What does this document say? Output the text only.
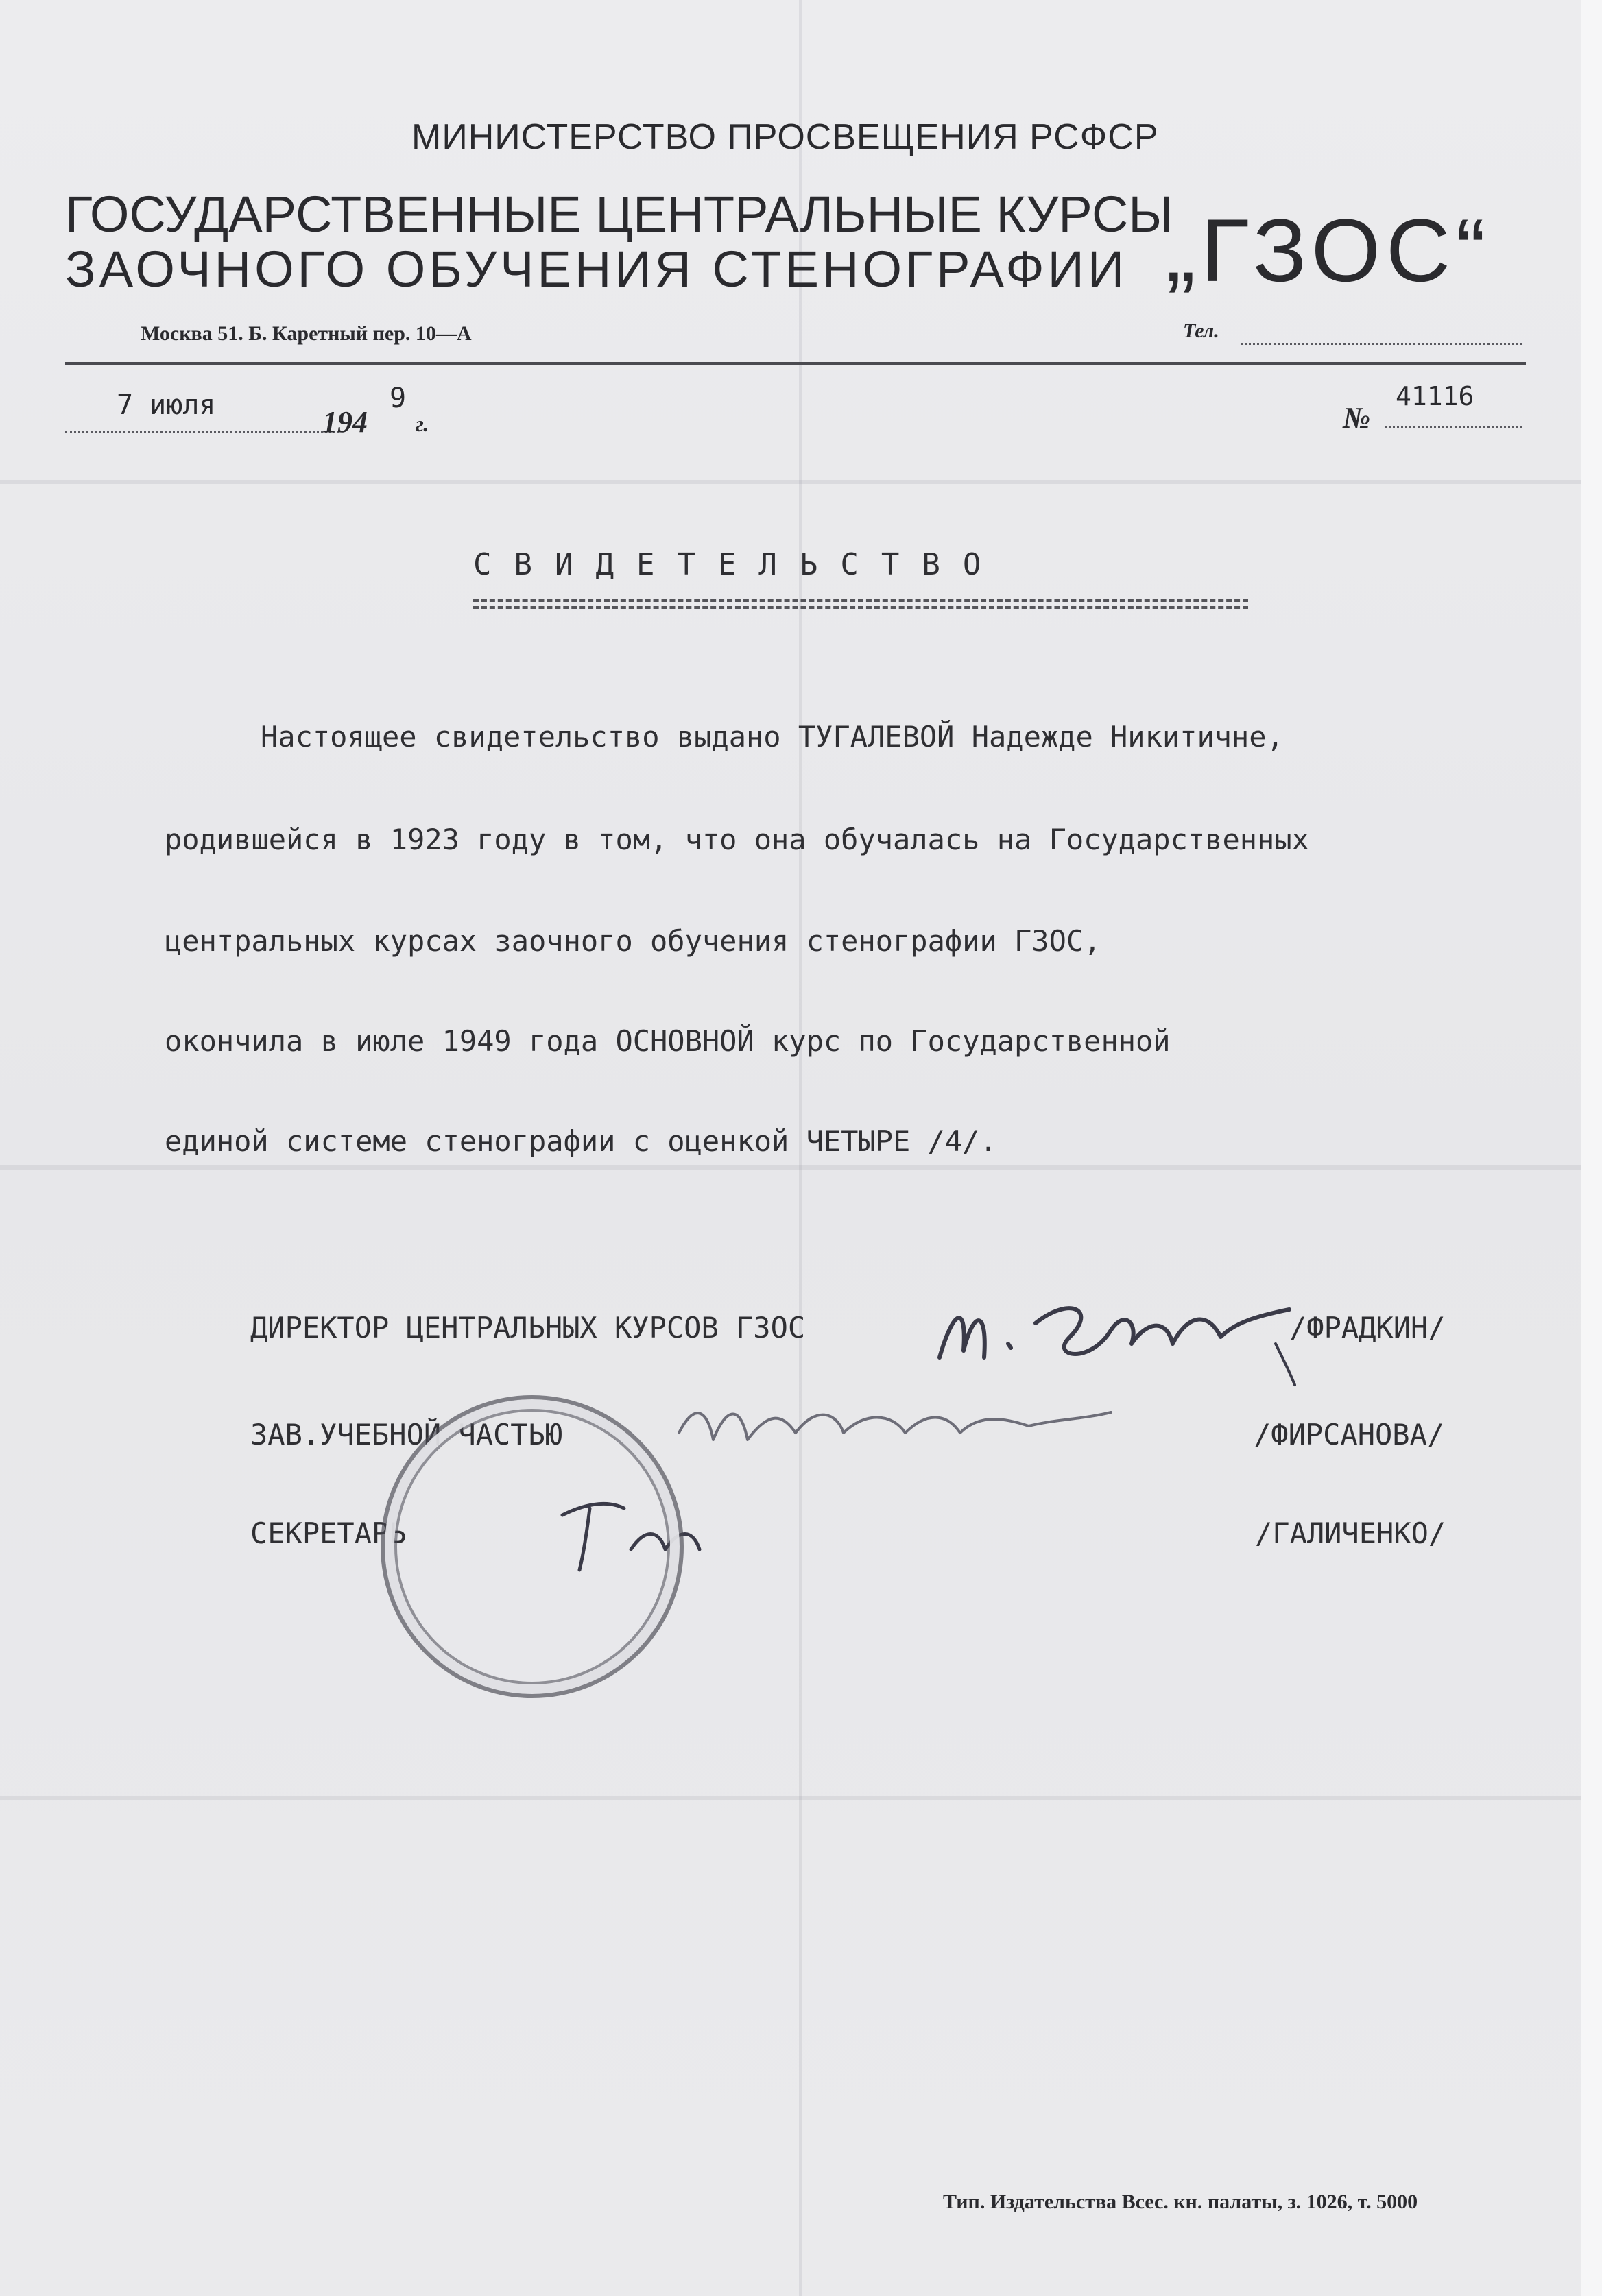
МИНИСТЕРСТВО ПРОСВЕЩЕНИЯ РСФСР
ГОСУДАРСТВЕННЫЕ ЦЕНТРАЛЬНЫЕ КУРСЫ
ЗАОЧНОГО ОБУЧЕНИЯ СТЕНОГРАФИИ „ГЗОС“
Москва 51. Б. Каретный пер. 10—А	Тел.
7 июля	194
9
г.	№
41116
СВИДЕТЕЛЬСТВО
Настоящее свидетельство выдано ТУГАЛЕВОЙ Надежде Никитичне,
родившейся в 1923 году в том, что она обучалась на Государственных
центральных курсах заочного обучения стенографии ГЗОС,
окончила в июле 1949 года ОСНОВНОЙ курс по Государственной
единой системе стенографии с оценкой ЧЕТЫРЕ /4/.
ДИРЕКТОР ЦЕНТРАЛЬНЫХ КУРСОВ ГЗОС	/ФРАДКИН/
ЗАВ.УЧЕБНОЙ ЧАСТЬЮ	/ФИРСАНОВА/
СЕКРЕТАРЬ	/ГАЛИЧЕНКО/
Тип. Издательства Всес. кн. палаты, з. 1026, т. 5000
